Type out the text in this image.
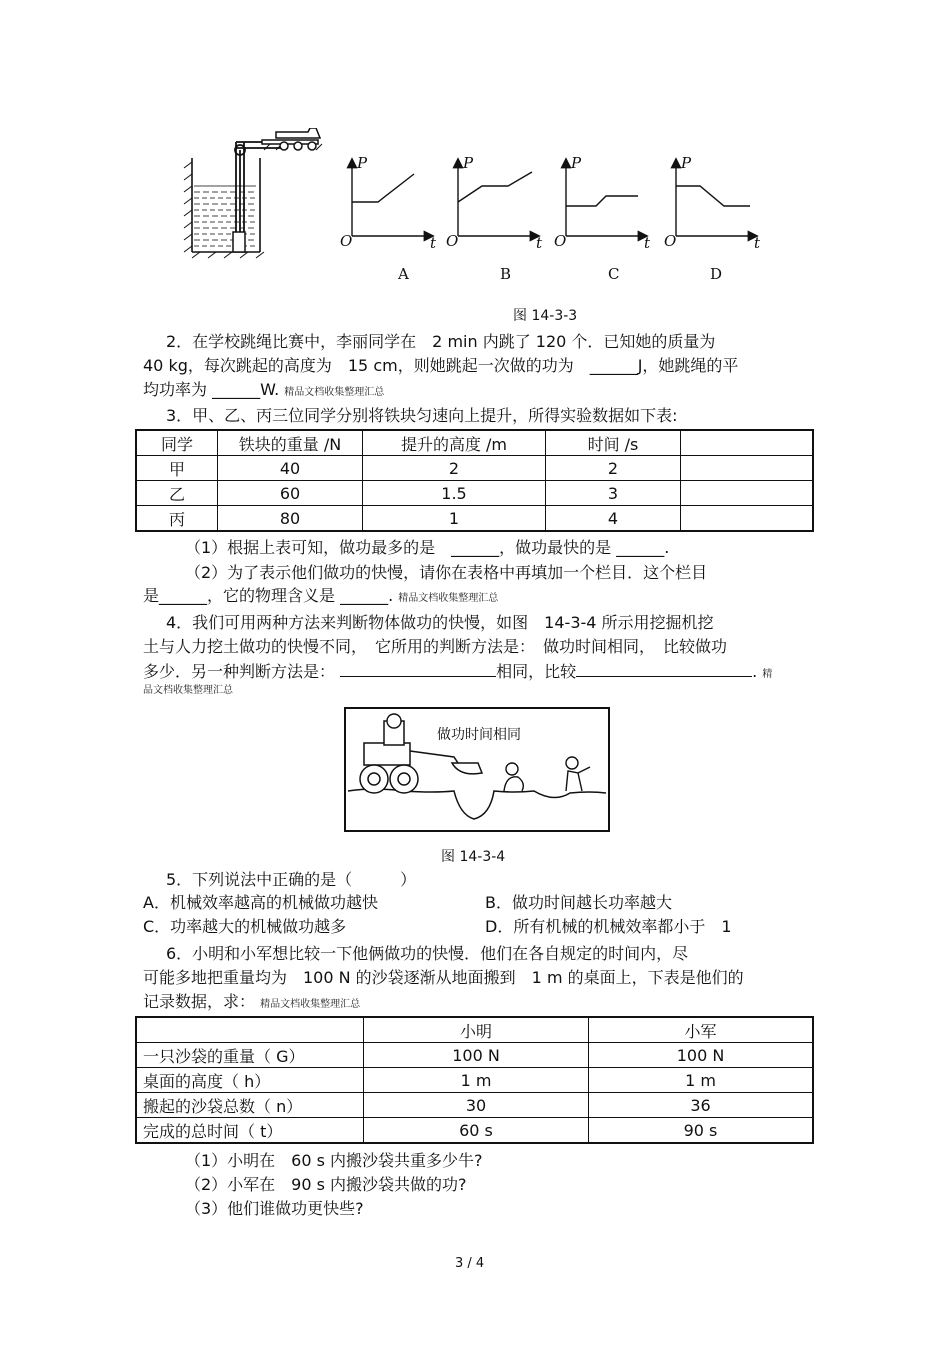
P
O	t
A
P
O	t
B
P
O	t
C
P
O	t
D
图 14-3-3
2．在学校跳绳比赛中，李丽同学在　2 min 内跳了 120 个．已知她的质量为
40 kg，每次跳起的高度为　15 cm，则她跳起一次做的功为　______J，她跳绳的平
均功率为 ______W. 精品文档收集整理汇总
3．甲、乙、丙三位同学分别将铁块匀速向上提升，所得实验数据如下表:
同学	铁块的重量 /N	提升的高度 /m	时间 /s	
甲	40	2	2	
乙	60	1.5	3	
丙	80	1	4	
（1）根据上表可知，做功最多的是　______，做功最快的是 ______.
（2）为了表示他们做功的快慢，请你在表格中再填加一个栏目．这个栏目
是______，它的物理含义是 ______. 精品文档收集整理汇总
4．我们可用两种方法来判断物体做功的快慢，如图　14-3-4 所示用挖掘机挖
土与人力挖土做功的快慢不同，　它所用的判断方法是：　做功时间相同，　比较做功
多少．另一种判断方法是：	相同，比较	. 精
品文档收集整理汇总
做功时间相同
图 14-3-4
5．下列说法中正确的是（　　　）
A．机械效率越高的机械做功越快	B．做功时间越长功率越大
C．功率越大的机械做功越多	D．所有机械的机械效率都小于　1
6．小明和小军想比较一下他俩做功的快慢．他们在各自规定的时间内，尽
可能多地把重量均为　100 N 的沙袋逐渐从地面搬到　1 m 的桌面上，下表是他们的
记录数据，求： 精品文档收集整理汇总
	小明	小军
一只沙袋的重量（ G）	100 N	100 N
桌面的高度（ h）	1 m	1 m
搬起的沙袋总数（ n）	30	36
完成的总时间（ t）	60 s	90 s
（1）小明在　60 s 内搬沙袋共重多少牛?
（2）小军在　90 s 内搬沙袋共做的功?
（3）他们谁做功更快些?
3 / 4
